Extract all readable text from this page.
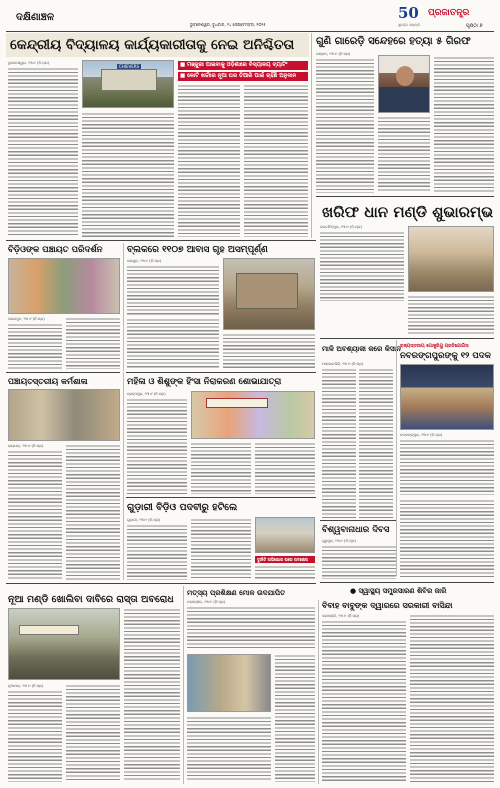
ଦକ୍ଷିଣାଞ୍ଚଳ
ଭୁବନେଶ୍ୱର, ବୁଧବାର, ୨୪ ସେପ୍ଟେମ୍ବର, ୨୦୨୫
50
ସୁବର୍ଣ୍ଣ ଜୟନ୍ତୀ
ପ୍ରଜାତନ୍ତ୍ର
ପୃଷ୍ଠା ୭
କେନ୍ଦ୍ରୀୟ ବିଦ୍ୟାଳୟ କାର୍ଯ୍ୟକାରୀତାକୁ ନେଇ ଅନିଶ୍ଚିତତା
ଭୁବନେଶ୍ୱର, ୨୩।୯ (ନି.ପ୍ର)
CHIEVERS	■ ମଞ୍ଜୁରୀ ପାଇବାକୁ ଓଡ଼ିଶାରେ ବିଦ୍ୟାଳୟ ବ୍ୟାଟିଂ
■ କୋଟି ଖର୍ଚ୍ଚରେ ନୂଆ ଘର ତିଆରି ପାଇଁ ଚାହିଁଛି ଅନୁଦାନ
ଗୁଣି ଗାରେଡ଼ି ସନ୍ଦେହରେ ହତ୍ୟା ୫ ଗିରଫ
ଗଞ୍ଜାମ, ୨୩।୯ (ନି.ପ୍ର)
ଖରିଫ ଧାନ ମଣ୍ଡି ଶୁଭାରମ୍ଭ
ବିଡ଼ିଓଙ୍କ ପଞ୍ଚାୟତ ପରିଦର୍ଶନ
କୋରାପୁଟ, ୨୩।୯ (ନି.ପ୍ର)
ବ୍ଲକରେ ୧୧୦୭ ଆବାସ ଗୃହ ଅସମ୍ପୂର୍ଣ୍ଣ
ଜୟପୁର, ୨୩।୯ (ନି.ପ୍ର)
ଜଗତସିଂହପୁର, ୨୩।୯ (ନି.ପ୍ର)
ମାଳି ଅବଶ୍ୟାକୀ କରେ କିସାନ
ମାଲକାନଗିରି, ୨୩।୯ (ନି.ପ୍ର)
ରାଜ୍ୟସ୍ତରୀୟ ଗୋଜୁରିୟୁ ପ୍ରତିଯୋଗିତା
ନବରଙ୍ଗପୁରଙ୍କୁ ୧୨ ପଦକ
ନବରଙ୍ଗପୁର, ୨୩।୯ (ନି.ପ୍ର)
ପଞ୍ଚାୟତସ୍ତରୀୟ କର୍ମଶାଳା
ରାୟଗଡ଼ା, ୨୩।୯ (ନି.ପ୍ର)
ମହିଳା ଓ ଶିଶୁଙ୍କ ହିଂସା ନିରାକରଣ ଶୋଭାଯାତ୍ରା
ବ୍ରହ୍ମପୁର, ୨୩।୯ (ନି.ପ୍ର)
ଗୁଡ଼ାରୀ ବିଡ଼ିଓ ପଦବୀରୁ ହଟିଲେ
ଗୁଡ଼ାରୀ, ୨୩।୯ (ନି.ପ୍ର)
ଦୁର୍ନୀତି ଅଭିଯୋଗ ପରେ ପଦକ୍ଷେପ
ବିଶ୍ୱବାନାଧାର ଦିବସ
ଗୁନୁପୁର, ୨୩।୯ (ନି.ପ୍ର)
● ସ୍ୱାସ୍ଥ୍ୟ ସମ୍ପ୍ରସାରଣ ଶିବିର ଜାରି
ନୂଆ ମଣ୍ଡି ଖୋଲିବା ଦାବିରେ ରାସ୍ତା ଅବରୋଧ
ନୂଆପଡ଼ା, ୨୩।୯ (ନି.ପ୍ର)
ମତ୍ସ୍ୟ ପ୍ରଶିକ୍ଷଣ ମୋଳ ଉଦଯାପିତ
ବଲାଙ୍ଗୀର, ୨୩।୯ (ନି.ପ୍ର)	ବିବାହ ବାବୁଙ୍କ ଦ୍ୱାରରେ ସରକାରୀ ବାସିନ୍ଦା
କଳାହାଣ୍ଡି, ୨୩।୯ (ନି.ପ୍ର)
